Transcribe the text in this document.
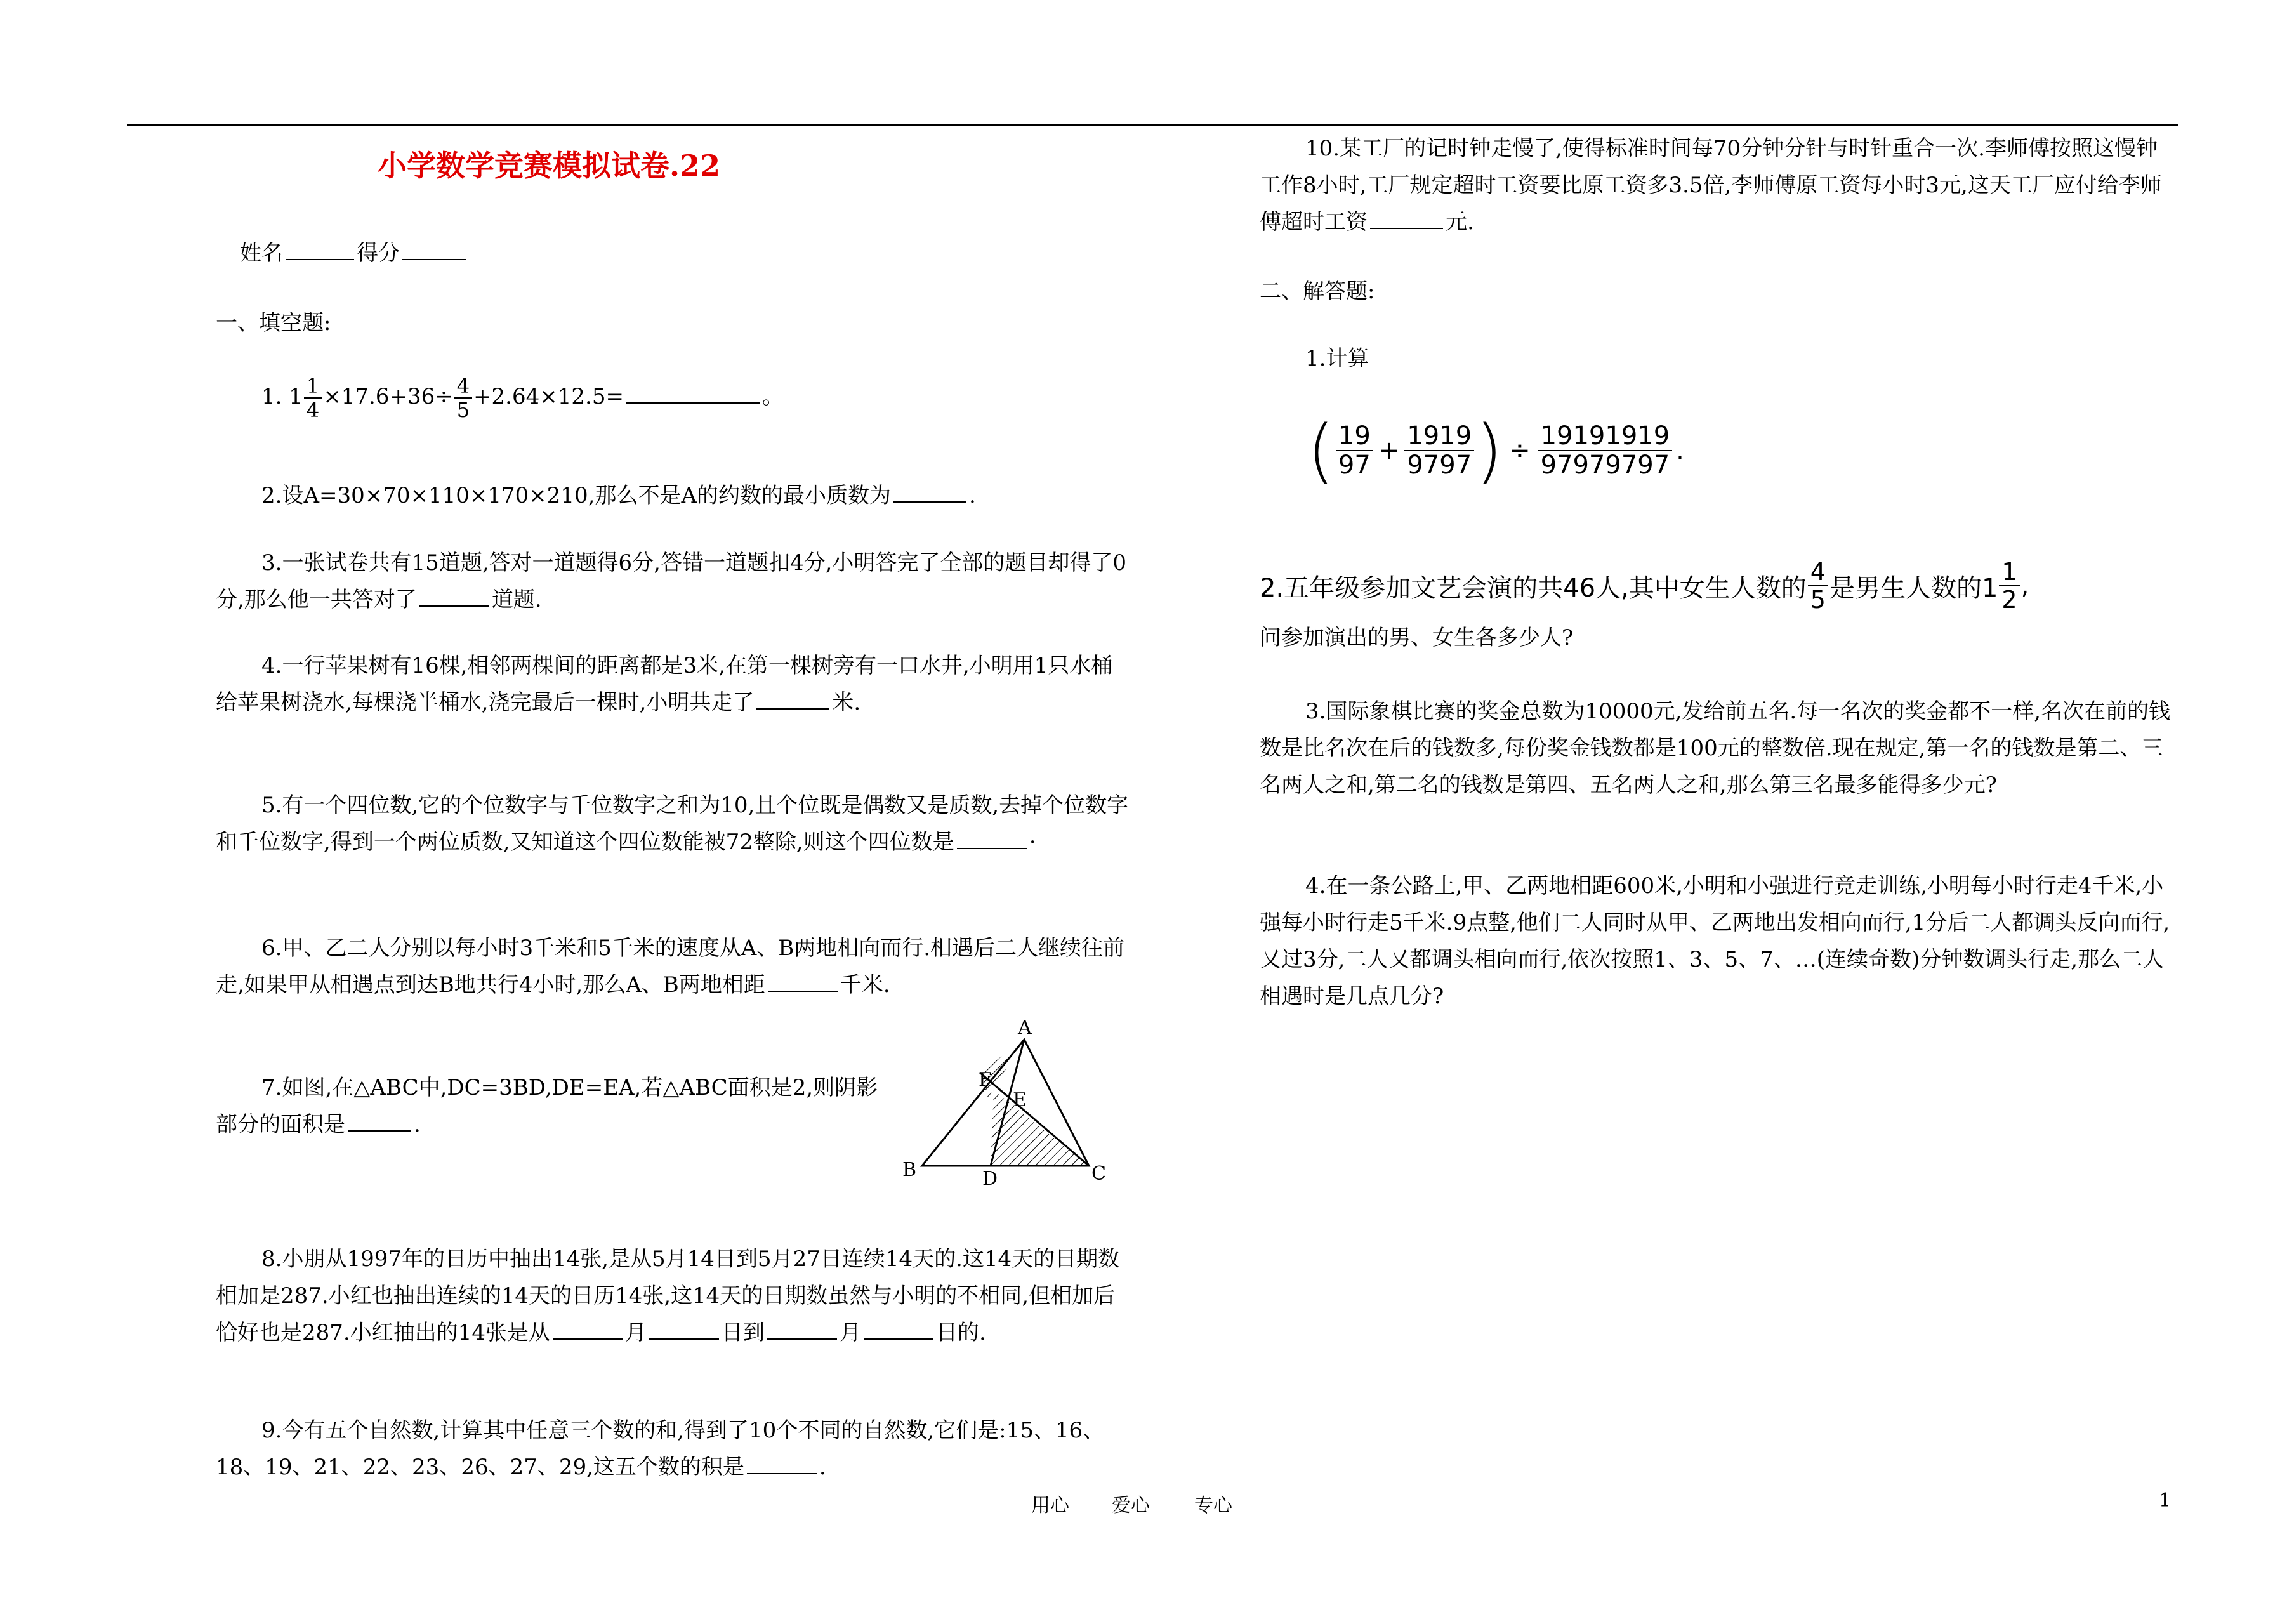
小学数学竞赛模拟试卷.22
姓名	得分
一、填空题:
1. $1 \frac{1}{4} \times 17.6+36\div \frac{4}{5} +2.64\times 12.5=$	。

2.设A=30×70×110×170×210,那么不是A的约数的最小质数为	.

3.一张试卷共有15道题,答对一道题得6分,答错一道题扣4分,小明答完了全部的题目却得了0分,那么他一共答对了	道题.

4.一行苹果树有16棵,相邻两棵间的距离都是3米,在第一棵树旁有一口水井,小明用1只水桶给苹果树浇水,每棵浇半桶水,浇完最后一棵时,小明共走了	米.

5.有一个四位数,它的个位数字与千位数字之和为10,且个位既是偶数又是质数,去掉个位数字和千位数字,得到一个两位质数,又知道这个四位数能被72整除,则这个四位数是	·

6.甲、乙二人分别以每小时3千米和5千米的速度从A、B两地相向而行.相遇后二人继续往前走,如果甲从相遇点到达B地共行4小时,那么A、B两地相距	千米.

7.如图,在△ABC中,DC=3BD,DE=EA,若△ABC面积是2,则阴影部分的面积是	.

A
B	C
D
E
F

8.小朋从1997年的日历中抽出14张,是从5月14日到5月27日连续14天的.这14天的日期数相加是287.小红也抽出连续的14天的日历14张,这14天的日期数虽然与小明的不相同,但相加后恰好也是287.小红抽出的14张是从	月	日到	月	日的.

9.今有五个自然数,计算其中任意三个数的和,得到了10个不同的自然数,它们是:15、16、18、19、21、22、23、26、27、29,这五个数的积是	.

10.某工厂的记时钟走慢了,使得标准时间每70分钟分针与时针重合一次.李师傅按照这慢钟工作8小时,工厂规定超时工资要比原工资多3.5倍,李师傅原工资每小时3元,这天工厂应付给李师傅超时工资	元.

二、解答题:
1.计算
( $\frac{19}{97} + \frac{1919}{9797}$ ) ÷ $\frac{19191919}{97979797}$ .
2.五年级参加文艺会演的共46人,其中女生人数的 $\frac{4}{5}$ 是男生人数的$1 \frac{1}{2}$ ,
问参加演出的男、女生各多少人?

3.国际象棋比赛的奖金总数为10000元,发给前五名.每一名次的奖金都不一样,名次在前的钱数是比名次在后的钱数多,每份奖金钱数都是100元的整数倍.现在规定,第一名的钱数是第二、三名两人之和,第二名的钱数是第四、五名两人之和,那么第三名最多能得多少元?

4.在一条公路上,甲、乙两地相距600米,小明和小强进行竞走训练,小明每小时行走4千米,小强每小时行走5千米.9点整,他们二人同时从甲、乙两地出发相向而行,1分后二人都调头反向而行,又过3分,二人又都调头相向而行,依次按照1、3、5、7、…(连续奇数)分钟数调头行走,那么二人相遇时是几点几分?

用心 爱心 专心	1
